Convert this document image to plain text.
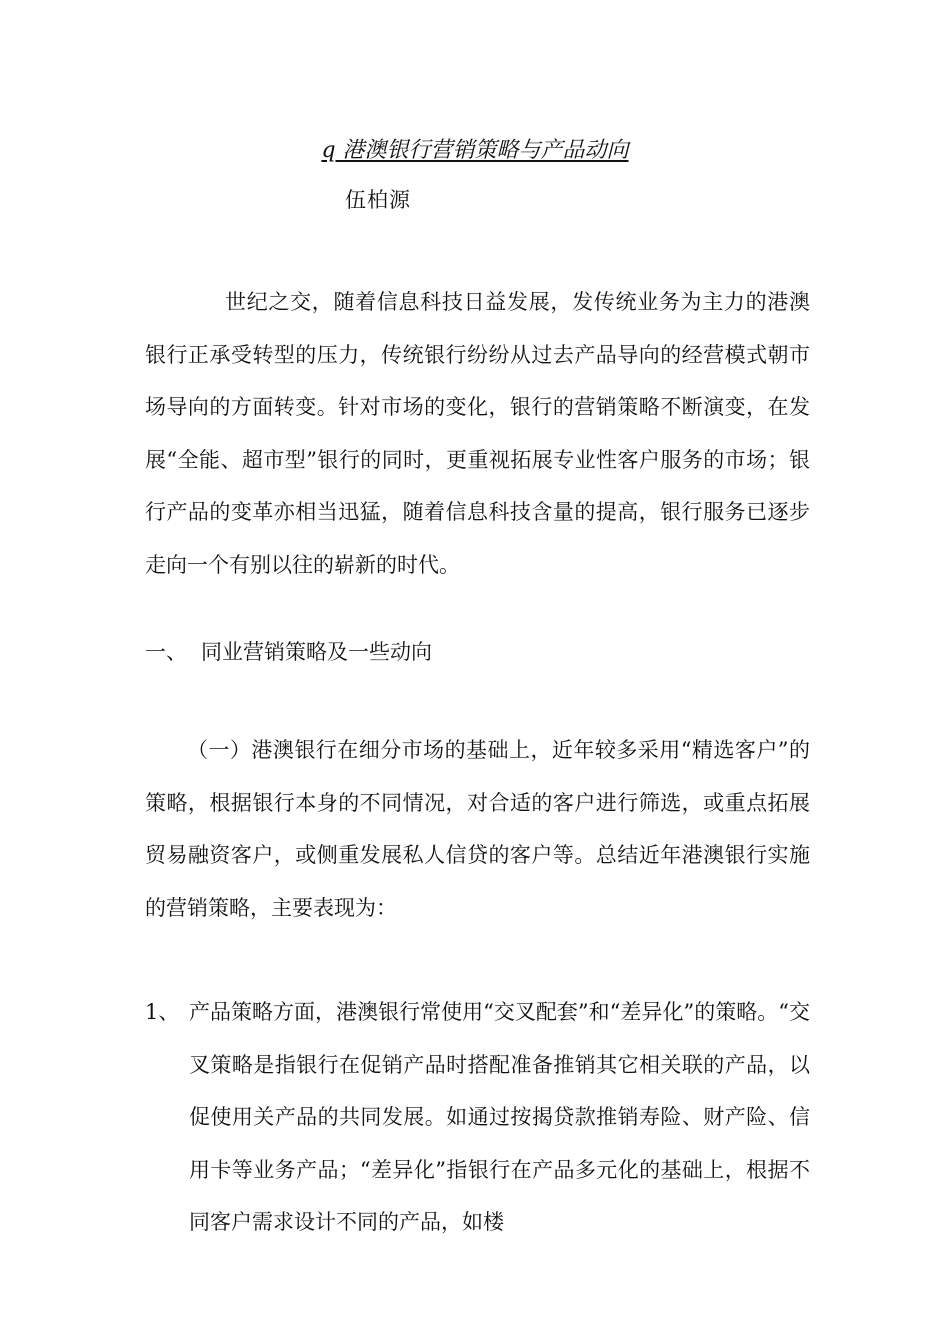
q 港澳银行营销策略与产品动向
伍柏源
世纪之交，随着信息科技日益发展，发传统业务为主力的港澳银行正承受转型的压力，传统银行纷纷从过去产品导向的经营模式朝市场导向的方面转变。针对市场的变化，银行的营销策略不断演变，在发展“全能、超市型”银行的同时，更重视拓展专业性客户服务的市场；银行产品的变革亦相当迅猛，随着信息科技含量的提高，银行服务已逐步走向一个有别以往的崭新的时代。
一、 同业营销策略及一些动向
（一）港澳银行在细分市场的基础上，近年较多采用“精选客户”的策略，根据银行本身的不同情况，对合适的客户进行筛选，或重点拓展贸易融资客户，或侧重发展私人信贷的客户等。总结近年港澳银行实施的营销策略，主要表现为：
1、 产品策略方面，港澳银行常使用“交叉配套”和“差异化”的策略。“交叉策略是指银行在促销产品时搭配准备推销其它相关联的产品，以促使用关产品的共同发展。如通过按揭贷款推销寿险、财产险、信用卡等业务产品；“差异化”指银行在产品多元化的基础上，根据不同客户需求设计不同的产品，如楼
